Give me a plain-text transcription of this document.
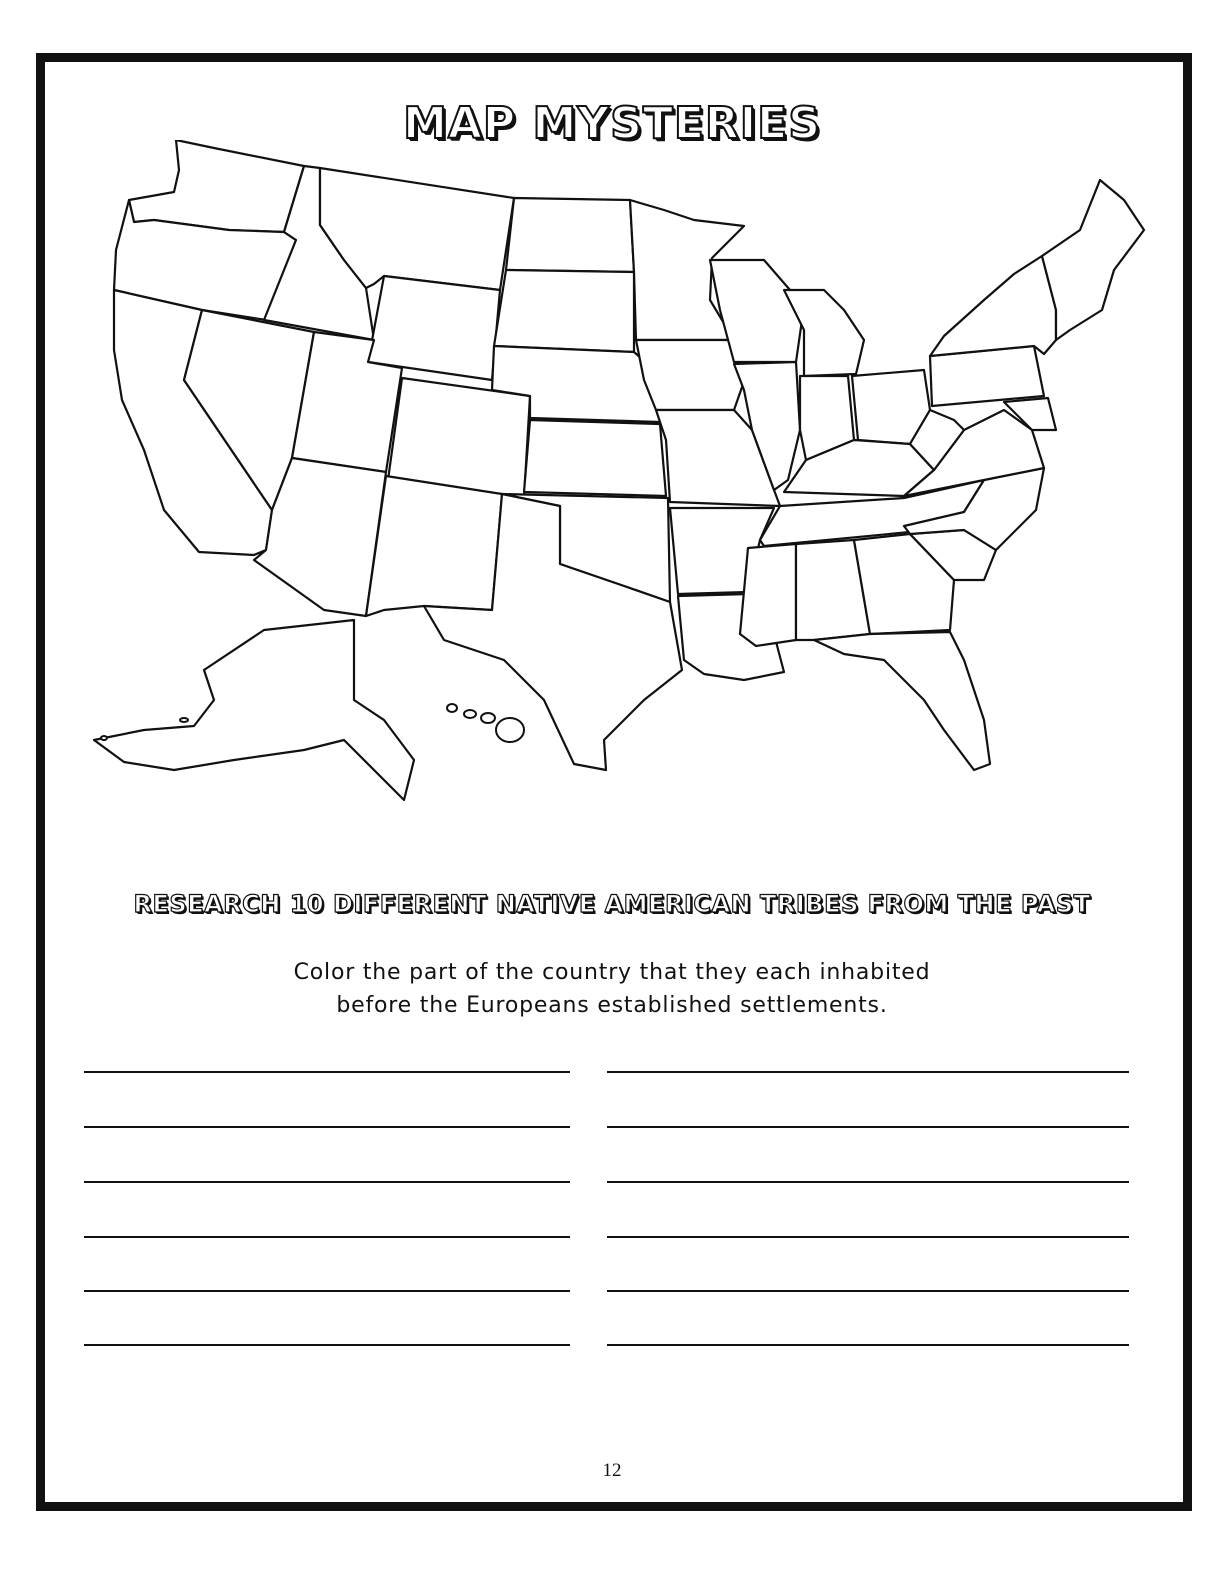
MAP MYSTERIES
RESEARCH 10 DIFFERENT NATIVE AMERICAN TRIBES FROM THE PAST
Color the part of the country that they each inhabited
before the Europeans established settlements.
12
